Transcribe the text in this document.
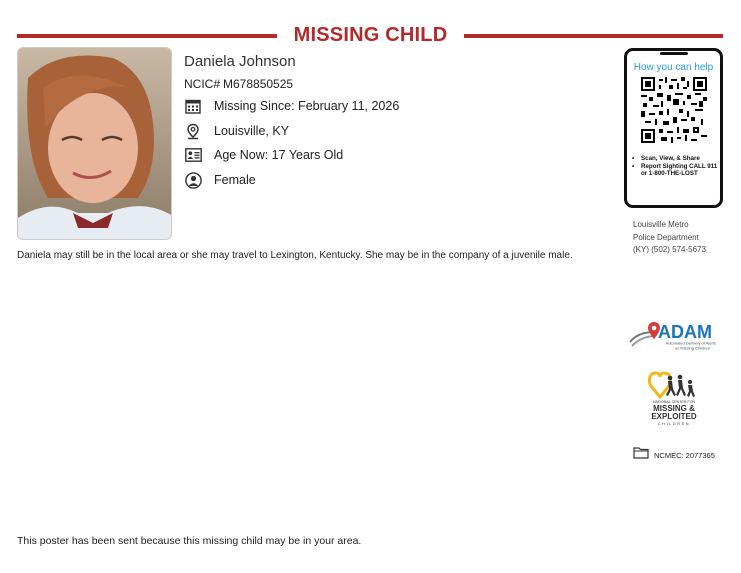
MISSING CHILD
Daniela Johnson
NCIC# M678850525
Missing Since: February 11, 2026
Louisville, KY
Age Now: 17 Years Old
Female
Daniela may still be in the local area or she may travel to Lexington, Kentucky. She may be in the company of a juvenile male.
How you can help
• Scan, View, & Share
• Report Sighting CALL 911 or 1-800-THE-LOST
Louisville Metro
Police Department
(KY) (502) 574-5673
ADAM
Automated Delivery of Alerts
on Missing Children
NATIONAL CENTER FOR
MISSING &
EXPLOITED
CHILDREN
NCMEC: 2077365
This poster has been sent because this missing child may be in your area.
